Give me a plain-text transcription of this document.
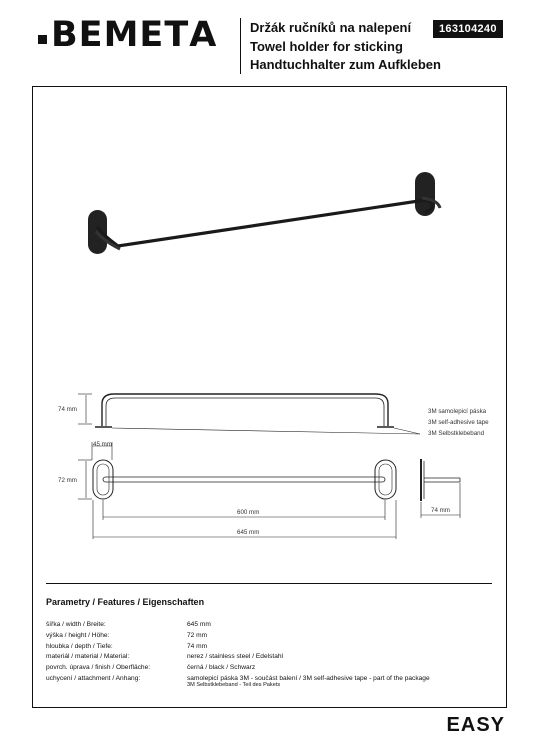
ВЕМЕТА	Držák ručníků na nalepení
Towel holder for sticking
Handtuchhalter zum Aufkleben
163104240
74 mm
45 mm
72 mm
600 mm
645 mm
74 mm
3M samolepicí páska
3M self-adhesive tape
3M Selbstklebeband
Parametry / Features / Eigenschaften
šířka / width / Breite:	645 mm
výška / height / Höhe:	72 mm
hloubka / depth / Tiefe:	74 mm
materiál / material / Material:	nerez / stainless steel / Edelstahl
povrch. úprava / finish / Oberfläche:	černá / black / Schwarz
uchycení / attachment / Anhang:	samolepicí páska 3M - součást balení / 3M self-adhesive tape - part of the package
3M Selbstklebeband - Teil des Pakets
EASY
